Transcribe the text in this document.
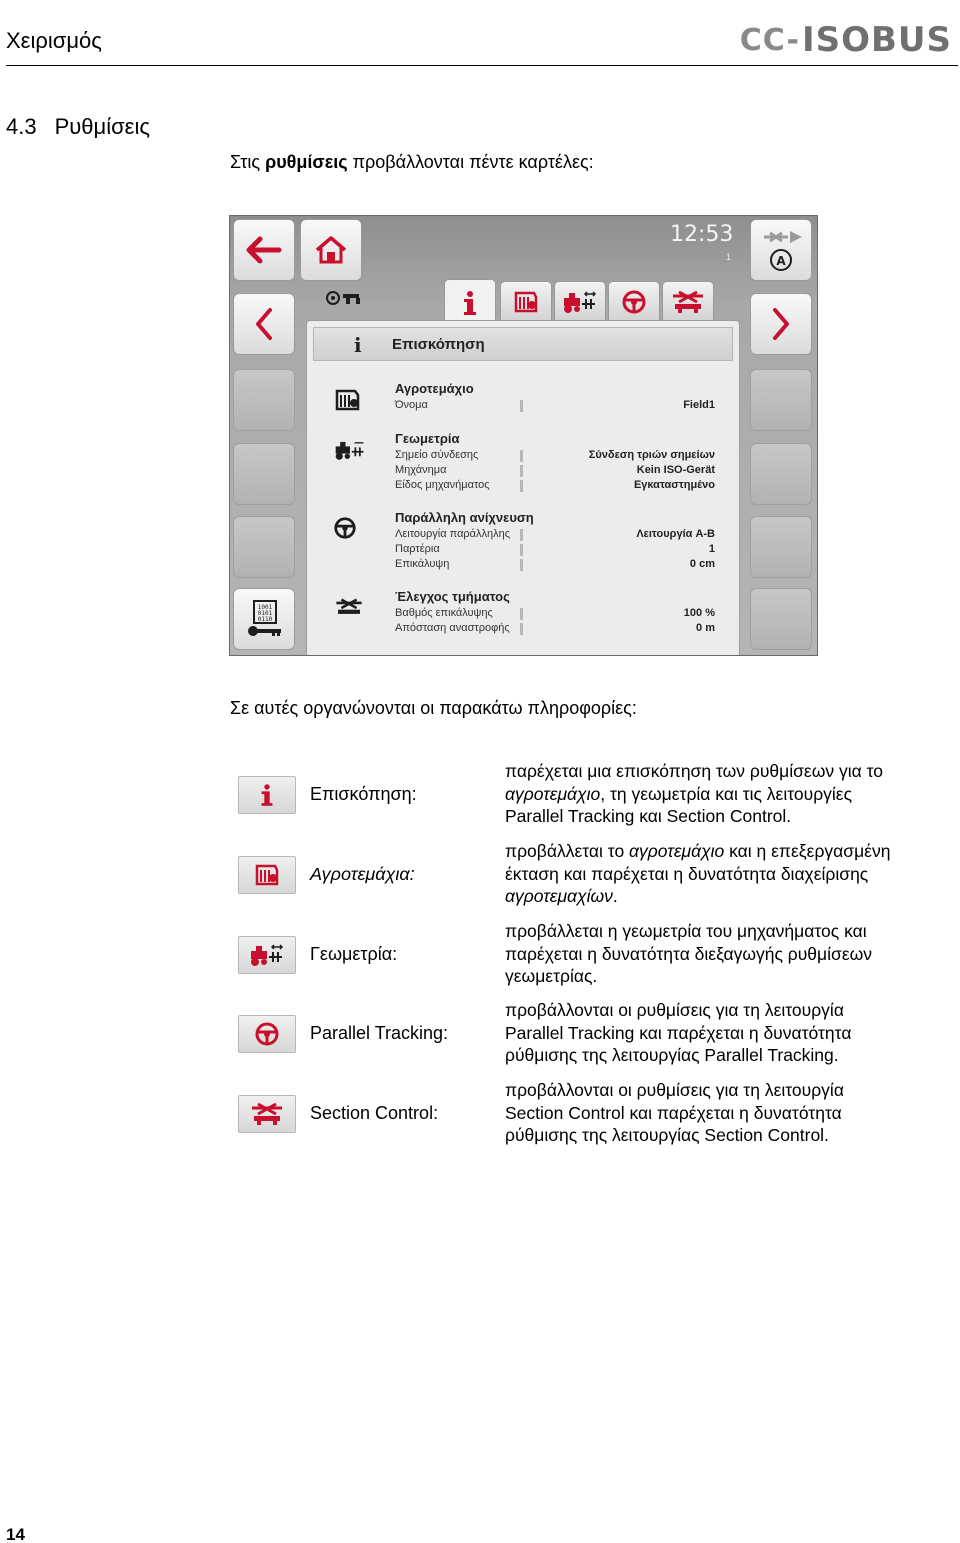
Χειρισμός	CC- ISOBUS
4.3 Ρυθμίσεις
Στις ρυθμίσεις προβάλλονται πέντε καρτέλες:
1001
0101
0110
12:53
1	A
i Επισκόπηση
Αγροτεμάχιο
Όνομα	Field1
Γεωμετρία
Σημείο σύνδεσης	Σύνδεση τριών σημείων
Μηχάνημα	Kein ISO-Gerät
Είδος μηχανήματος	Εγκαταστημένο
Παράλληλη ανίχνευση
Λειτουργία παράλληλης	Λειτουργία A-B
Παρτέρια	1
Επικάλυψη	0 cm
Έλεγχος τμήματος
Βαθμός επικάλυψης	100 %
Απόσταση αναστροφής	0 m
Σε αυτές οργανώνονται οι παρακάτω πληροφορίες:
Επισκόπηση:
παρέχεται μια επισκόπηση των ρυθμίσεων για το
αγροτεμάχιο, τη γεωμετρία και τις λειτουργίες
Parallel Tracking και Section Control.
Αγροτεμάχια:
προβάλλεται το αγροτεμάχιο και η επεξεργασμένη
έκταση και παρέχεται η δυνατότητα διαχείρισης
αγροτεμαχίων.
Γεωμετρία:
προβάλλεται η γεωμετρία του μηχανήματος και
παρέχεται η δυνατότητα διεξαγωγής ρυθμίσεων
γεωμετρίας.
Parallel Tracking:
προβάλλονται οι ρυθμίσεις για τη λειτουργία
Parallel Tracking και παρέχεται η δυνατότητα
ρύθμισης της λειτουργίας Parallel Tracking.
Section Control:
προβάλλονται οι ρυθμίσεις για τη λειτουργία
Section Control και παρέχεται η δυνατότητα
ρύθμισης της λειτουργίας Section Control.
14
